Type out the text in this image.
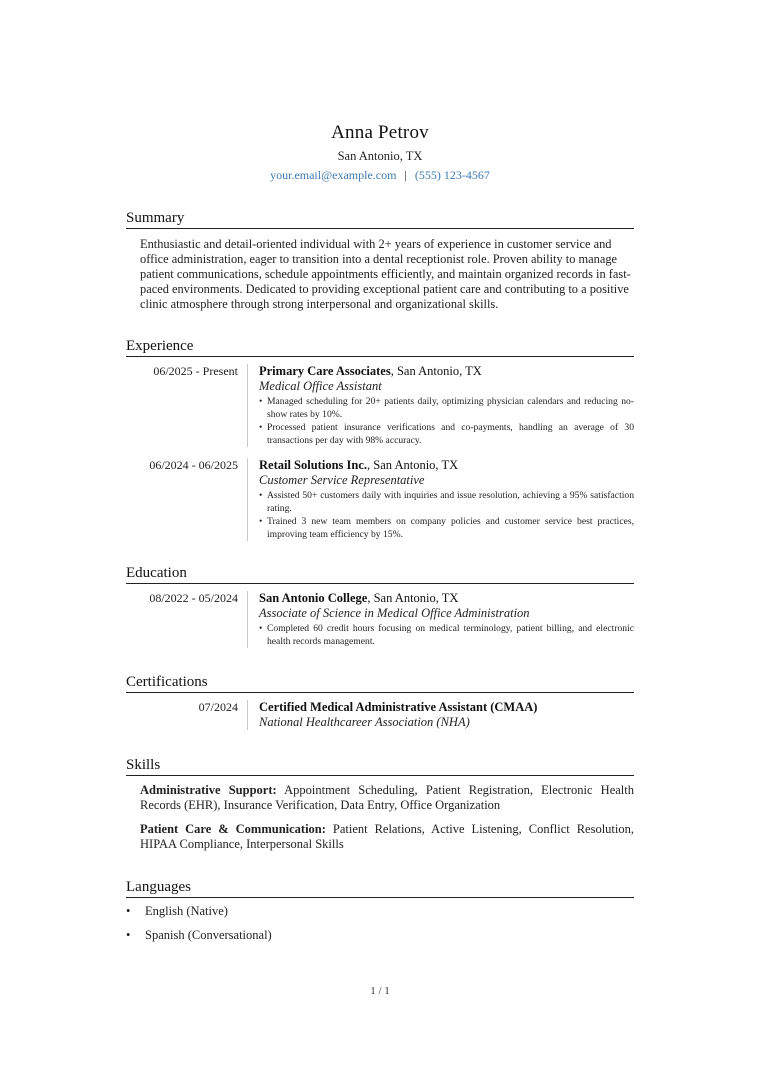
Anna Petrov
San Antonio, TX
your.email@example.com | (555) 123-4567
Summary
Enthusiastic and detail-oriented individual with 2+ years of experience in customer service and office administration, eager to transition into a dental receptionist role. Proven ability to manage patient communications, schedule appointments efficiently, and maintain organized records in fast-paced environments. Dedicated to providing exceptional patient care and contributing to a positive clinic atmosphere through strong interpersonal and organizational skills.
Experience
06/2025 - Present Primary Care Associates, San Antonio, TX
Medical Office Assistant
• Managed scheduling for 20+ patients daily, optimizing physician calendars and reducing no-show rates by 10%.
• Processed patient insurance verifications and co-payments, handling an average of 30 transactions per day with 98% accuracy.
06/2024 - 06/2025 Retail Solutions Inc., San Antonio, TX
Customer Service Representative
• Assisted 50+ customers daily with inquiries and issue resolution, achieving a 95% satisfaction rating.
• Trained 3 new team members on company policies and customer service best practices, improving team efficiency by 15%.
Education
08/2022 - 05/2024 San Antonio College, San Antonio, TX
Associate of Science in Medical Office Administration
• Completed 60 credit hours focusing on medical terminology, patient billing, and electronic health records management.
Certifications
07/2024 Certified Medical Administrative Assistant (CMAA)
National Healthcareer Association (NHA)
Skills
Administrative Support: Appointment Scheduling, Patient Registration, Electronic Health Records (EHR), Insurance Verification, Data Entry, Office Organization
Patient Care & Communication: Patient Relations, Active Listening, Conflict Resolution, HIPAA Compliance, Interpersonal Skills
Languages
• English (Native)
• Spanish (Conversational)
1 / 1
